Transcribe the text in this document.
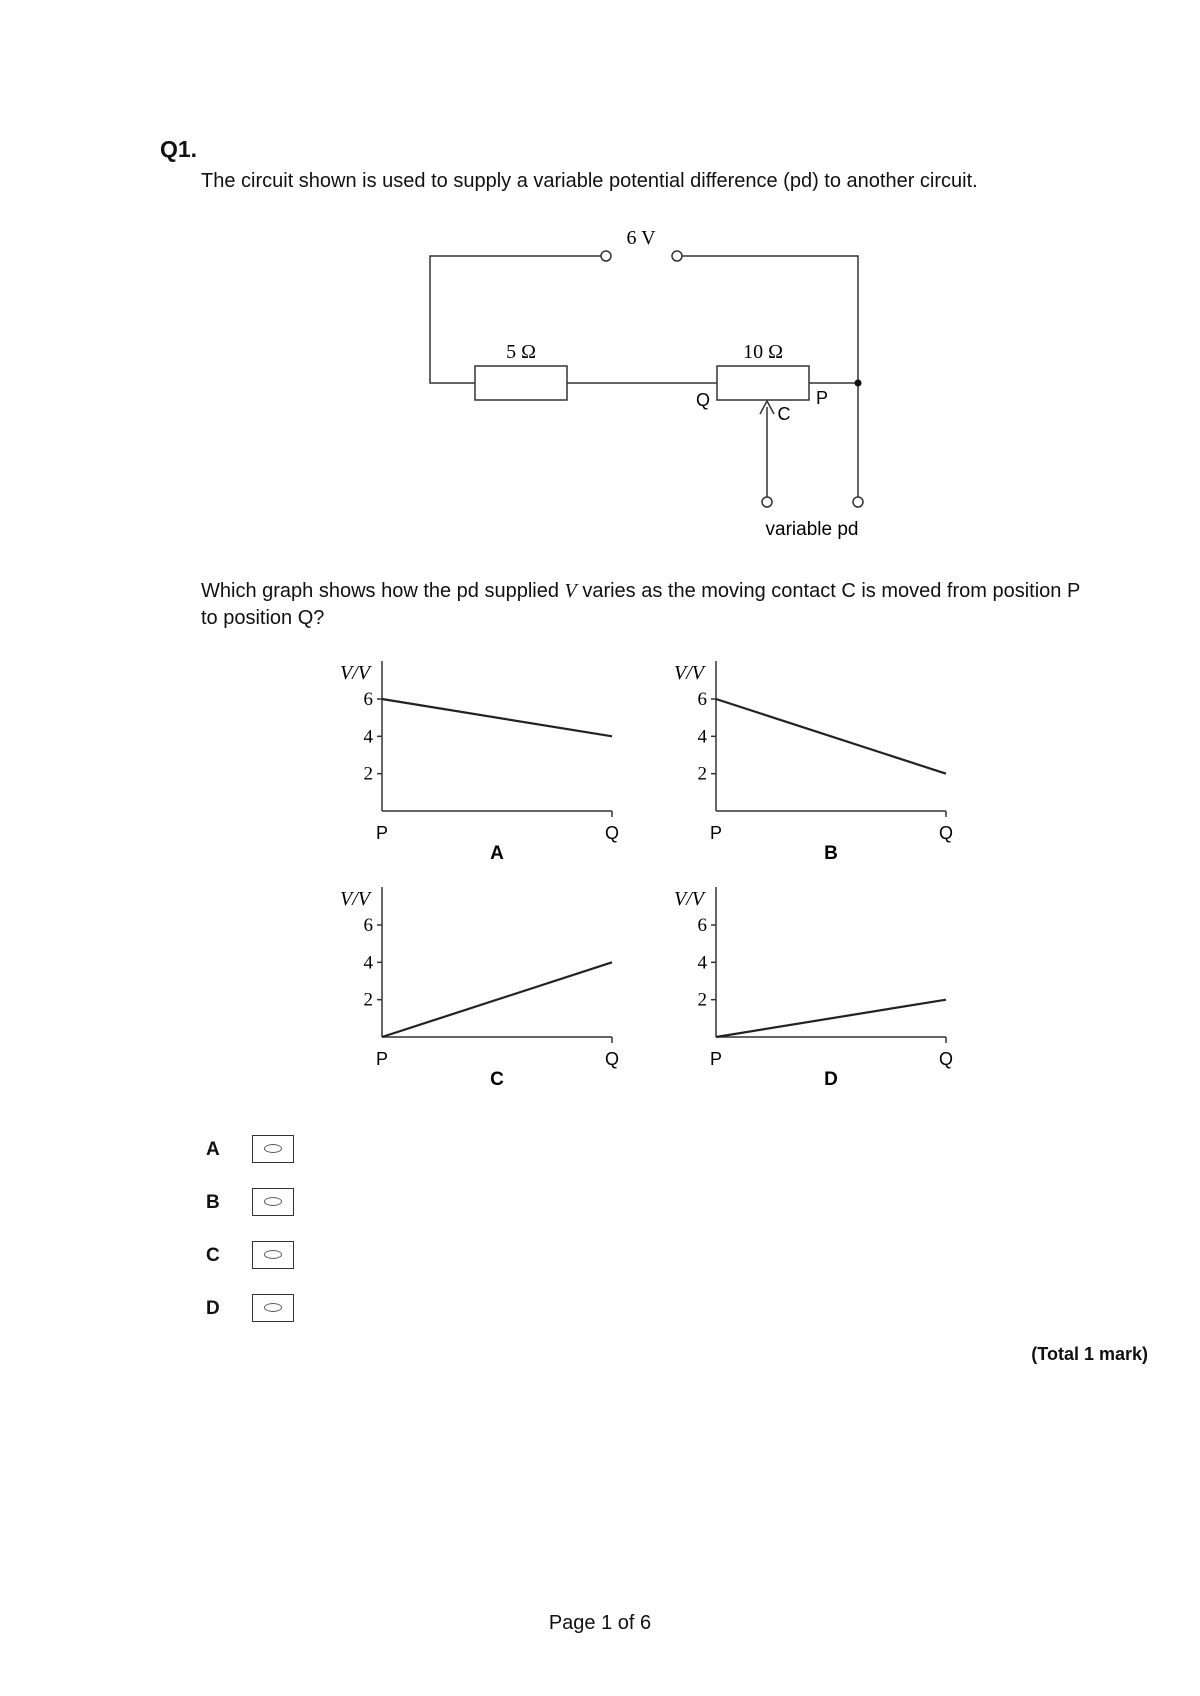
Q1.
The circuit shown is used to supply a variable potential difference (pd) to another circuit.
6 V
5 Ω	10 Ω
Q	P
C
variable pd
Which graph shows how the pd supplied V varies as the moving contact C is moved from position P to position Q?
V/V
2
4
6
P	Q
A
V/V
2
4
6
P	Q
B
V/V
2
4
6
P	Q
C
V/V
2
4
6
P	Q
D
A
B
C
D
(Total 1 mark)
Page 1 of 6
